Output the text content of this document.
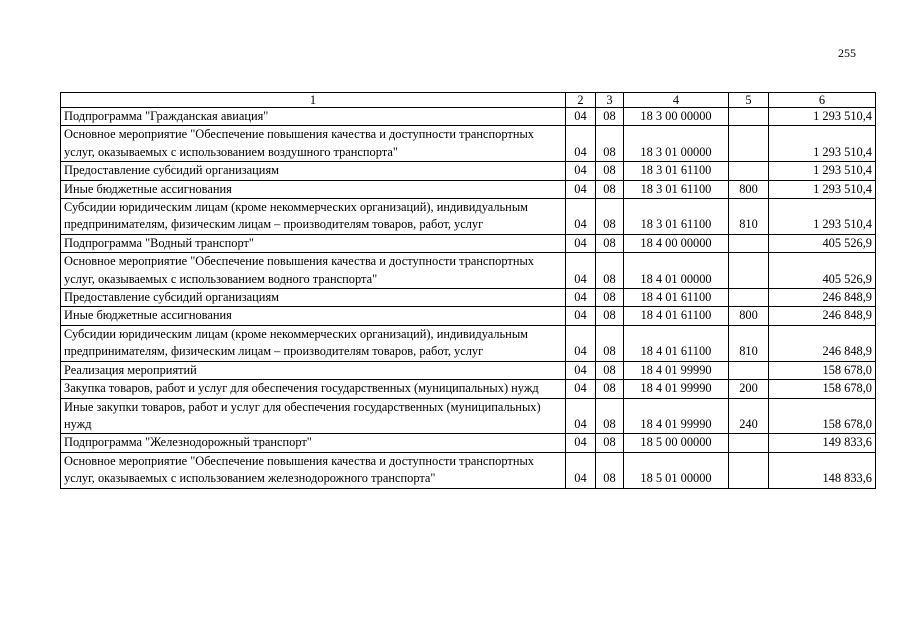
255
1	2	3	4	5	6
Подпрограмма "Гражданская авиация"	04	08	18 3 00 00000		1 293 510,4
Основное мероприятие "Обеспечение повышения качества и доступности транспортных услуг, оказываемых с использованием воздушного транспорта"	04	08	18 3 01 00000		1 293 510,4
Предоставление субсидий организациям	04	08	18 3 01 61100		1 293 510,4
Иные бюджетные ассигнования	04	08	18 3 01 61100	800	1 293 510,4
Субсидии юридическим лицам (кроме некоммерческих организаций), индивидуальным предпринимателям, физическим лицам – производителям товаров, работ, услуг	04	08	18 3 01 61100	810	1 293 510,4
Подпрограмма "Водный транспорт"	04	08	18 4 00 00000		405 526,9
Основное мероприятие "Обеспечение повышения качества и доступности транспортных услуг, оказываемых с использованием водного транспорта"	04	08	18 4 01 00000		405 526,9
Предоставление субсидий организациям	04	08	18 4 01 61100		246 848,9
Иные бюджетные ассигнования	04	08	18 4 01 61100	800	246 848,9
Субсидии юридическим лицам (кроме некоммерческих организаций), индивидуальным предпринимателям, физическим лицам – производителям товаров, работ, услуг	04	08	18 4 01 61100	810	246 848,9
Реализация мероприятий	04	08	18 4 01 99990		158 678,0
Закупка товаров, работ и услуг для обеспечения государственных (муниципальных) нужд	04	08	18 4 01 99990	200	158 678,0
Иные закупки товаров, работ и услуг для обеспечения государственных (муниципальных) нужд	04	08	18 4 01 99990	240	158 678,0
Подпрограмма "Железнодорожный транспорт"	04	08	18 5 00 00000		149 833,6
Основное мероприятие "Обеспечение повышения качества и доступности транспортных услуг, оказываемых с использованием железнодорожного транспорта"	04	08	18 5 01 00000		148 833,6
